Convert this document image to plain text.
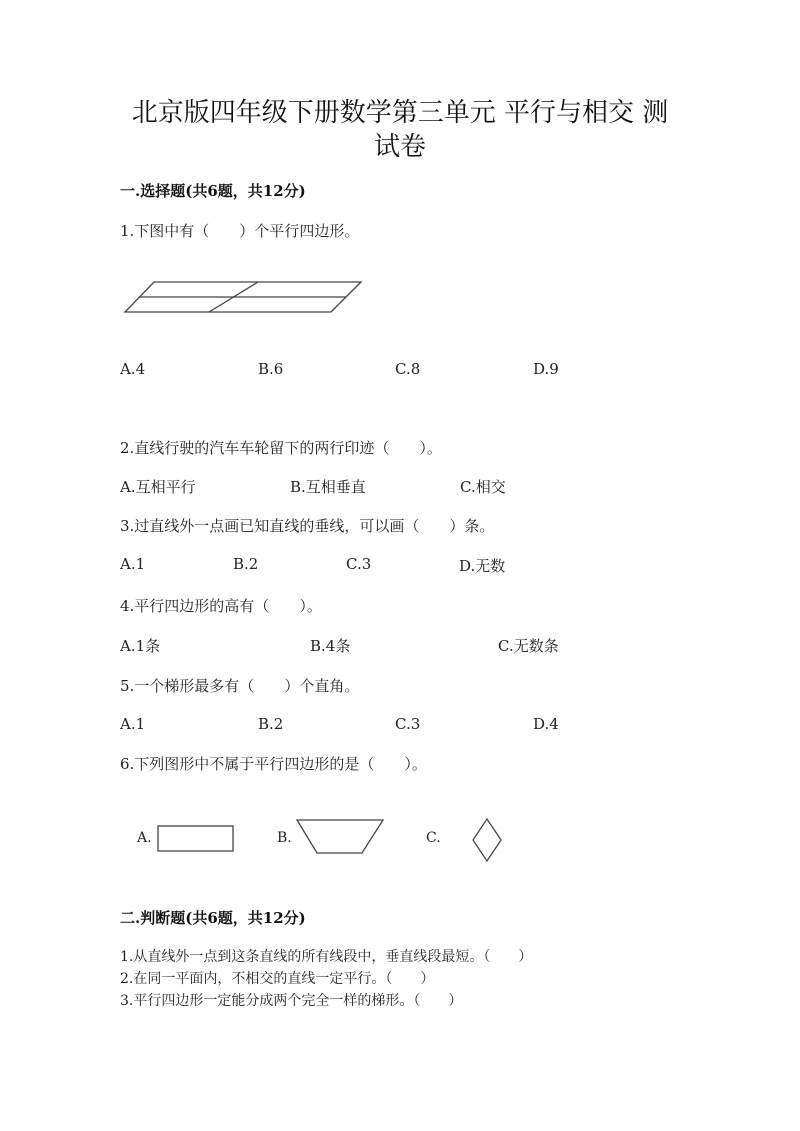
北京版四年级下册数学第三单元 平行与相交 测试卷
一.选择题(共6题，共12分)
1.下图中有（　　）个平行四边形。
A.4	B.6	C.8	D.9
2.直线行驶的汽车车轮留下的两行印迹（　　）。
A.互相平行	B.互相垂直	C.相交
3.过直线外一点画已知直线的垂线，可以画（　　）条。
A.1	B.2	C.3	D.无数
4.平行四边形的高有（　　）。
A.1条	B.4条	C.无数条
5.一个梯形最多有（　　）个直角。
A.1	B.2	C.3	D.4
6.下列图形中不属于平行四边形的是（　　）。
A.	B.	C.
二.判断题(共6题，共12分)
1.从直线外一点到这条直线的所有线段中，垂直线段最短。（　　）
2.在同一平面内，不相交的直线一定平行。（　　）
3.平行四边形一定能分成两个完全一样的梯形。（　　）
